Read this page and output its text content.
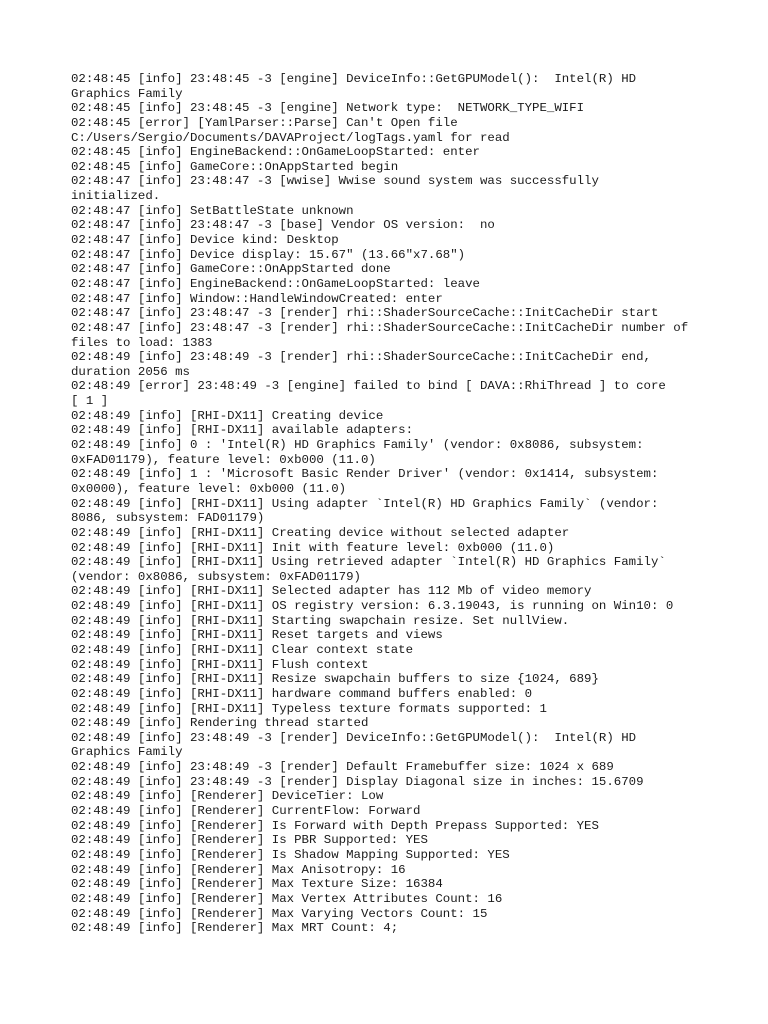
02:48:45 [info] 23:48:45 -3 [engine] DeviceInfo::GetGPUModel():  Intel(R) HD
Graphics Family
02:48:45 [info] 23:48:45 -3 [engine] Network type:  NETWORK_TYPE_WIFI
02:48:45 [error] [YamlParser::Parse] Can't Open file
C:/Users/Sergio/Documents/DAVAProject/logTags.yaml for read
02:48:45 [info] EngineBackend::OnGameLoopStarted: enter
02:48:45 [info] GameCore::OnAppStarted begin
02:48:47 [info] 23:48:47 -3 [wwise] Wwise sound system was successfully
initialized.
02:48:47 [info] SetBattleState unknown
02:48:47 [info] 23:48:47 -3 [base] Vendor OS version:  no
02:48:47 [info] Device kind: Desktop
02:48:47 [info] Device display: 15.67" (13.66"x7.68")
02:48:47 [info] GameCore::OnAppStarted done
02:48:47 [info] EngineBackend::OnGameLoopStarted: leave
02:48:47 [info] Window::HandleWindowCreated: enter
02:48:47 [info] 23:48:47 -3 [render] rhi::ShaderSourceCache::InitCacheDir start
02:48:47 [info] 23:48:47 -3 [render] rhi::ShaderSourceCache::InitCacheDir number of
files to load: 1383
02:48:49 [info] 23:48:49 -3 [render] rhi::ShaderSourceCache::InitCacheDir end,
duration 2056 ms
02:48:49 [error] 23:48:49 -3 [engine] failed to bind [ DAVA::RhiThread ] to core
[ 1 ]
02:48:49 [info] [RHI-DX11] Creating device
02:48:49 [info] [RHI-DX11] available adapters:
02:48:49 [info] 0 : 'Intel(R) HD Graphics Family' (vendor: 0x8086, subsystem:
0xFAD01179), feature level: 0xb000 (11.0)
02:48:49 [info] 1 : 'Microsoft Basic Render Driver' (vendor: 0x1414, subsystem:
0x0000), feature level: 0xb000 (11.0)
02:48:49 [info] [RHI-DX11] Using adapter `Intel(R) HD Graphics Family` (vendor:
8086, subsystem: FAD01179)
02:48:49 [info] [RHI-DX11] Creating device without selected adapter
02:48:49 [info] [RHI-DX11] Init with feature level: 0xb000 (11.0)
02:48:49 [info] [RHI-DX11] Using retrieved adapter `Intel(R) HD Graphics Family`
(vendor: 0x8086, subsystem: 0xFAD01179)
02:48:49 [info] [RHI-DX11] Selected adapter has 112 Mb of video memory
02:48:49 [info] [RHI-DX11] OS registry version: 6.3.19043, is running on Win10: 0
02:48:49 [info] [RHI-DX11] Starting swapchain resize. Set nullView.
02:48:49 [info] [RHI-DX11] Reset targets and views
02:48:49 [info] [RHI-DX11] Clear context state
02:48:49 [info] [RHI-DX11] Flush context
02:48:49 [info] [RHI-DX11] Resize swapchain buffers to size {1024, 689}
02:48:49 [info] [RHI-DX11] hardware command buffers enabled: 0
02:48:49 [info] [RHI-DX11] Typeless texture formats supported: 1
02:48:49 [info] Rendering thread started
02:48:49 [info] 23:48:49 -3 [render] DeviceInfo::GetGPUModel():  Intel(R) HD
Graphics Family
02:48:49 [info] 23:48:49 -3 [render] Default Framebuffer size: 1024 x 689
02:48:49 [info] 23:48:49 -3 [render] Display Diagonal size in inches: 15.6709
02:48:49 [info] [Renderer] DeviceTier: Low
02:48:49 [info] [Renderer] CurrentFlow: Forward
02:48:49 [info] [Renderer] Is Forward with Depth Prepass Supported: YES
02:48:49 [info] [Renderer] Is PBR Supported: YES
02:48:49 [info] [Renderer] Is Shadow Mapping Supported: YES
02:48:49 [info] [Renderer] Max Anisotropy: 16
02:48:49 [info] [Renderer] Max Texture Size: 16384
02:48:49 [info] [Renderer] Max Vertex Attributes Count: 16
02:48:49 [info] [Renderer] Max Varying Vectors Count: 15
02:48:49 [info] [Renderer] Max MRT Count: 4;
